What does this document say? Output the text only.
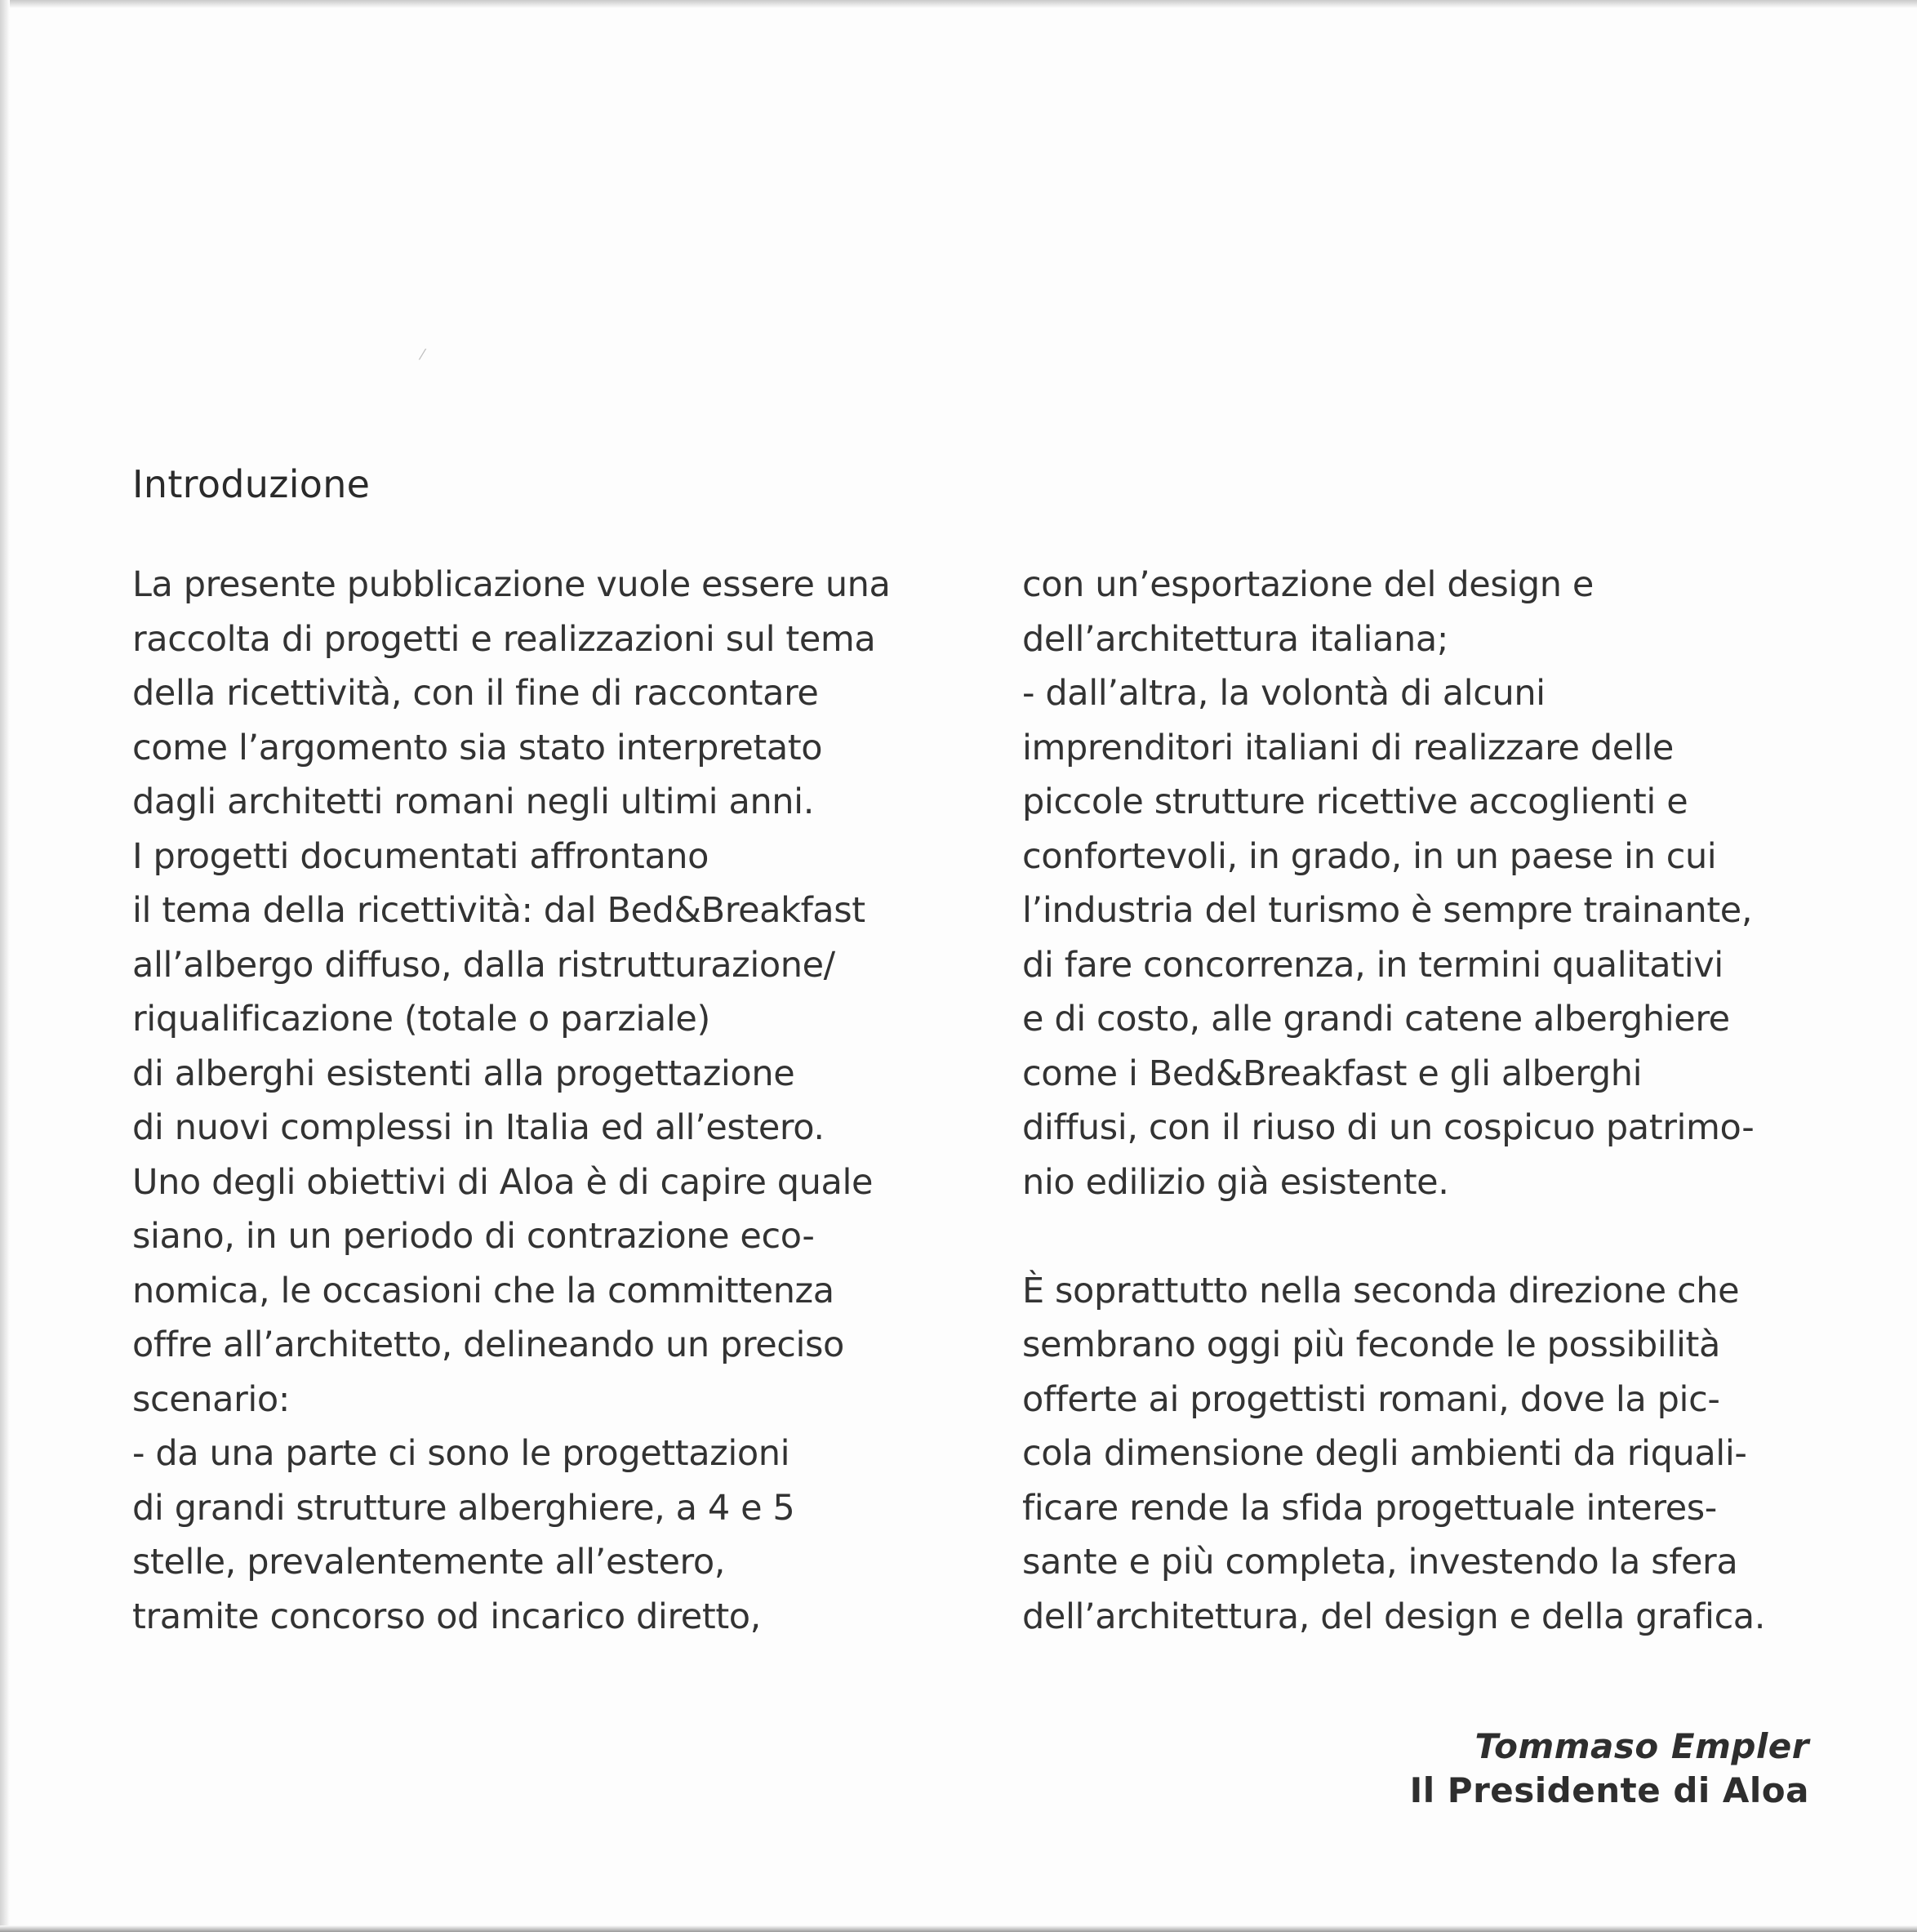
⁄
Introduzione
La presente pubblicazione vuole essere una
raccolta di progetti e realizzazioni sul tema
della ricettività, con il fine di raccontare
come l’argomento sia stato interpretato
dagli architetti romani negli ultimi anni.
I progetti documentati affrontano
il tema della ricettività: dal Bed&Breakfast
all’albergo diffuso, dalla ristrutturazione/
riqualificazione (totale o parziale)
di alberghi esistenti alla progettazione
di nuovi complessi in Italia ed all’estero.
Uno degli obiettivi di Aloa è di capire quale
siano, in un periodo di contrazione eco-
nomica, le occasioni che la committenza
offre all’architetto, delineando un preciso
scenario:
- da una parte ci sono le progettazioni
di grandi strutture alberghiere, a 4 e 5
stelle, prevalentemente all’estero,
tramite concorso od incarico diretto,
con un’esportazione del design e
dell’architettura italiana;
- dall’altra, la volontà di alcuni
imprenditori italiani di realizzare delle
piccole strutture ricettive accoglienti e
confortevoli, in grado, in un paese in cui
l’industria del turismo è sempre trainante,
di fare concorrenza, in termini qualitativi
e di costo, alle grandi catene alberghiere
come i Bed&Breakfast e gli alberghi
diffusi, con il riuso di un cospicuo patrimo-
nio edilizio già esistente.
È soprattutto nella seconda direzione che
sembrano oggi più feconde le possibilità
offerte ai progettisti romani, dove la pic-
cola dimensione degli ambienti da riquali-
ficare rende la sfida progettuale interes-
sante e più completa, investendo la sfera
dell’architettura, del design e della grafica.
Tommaso Empler
Il Presidente di Aloa
